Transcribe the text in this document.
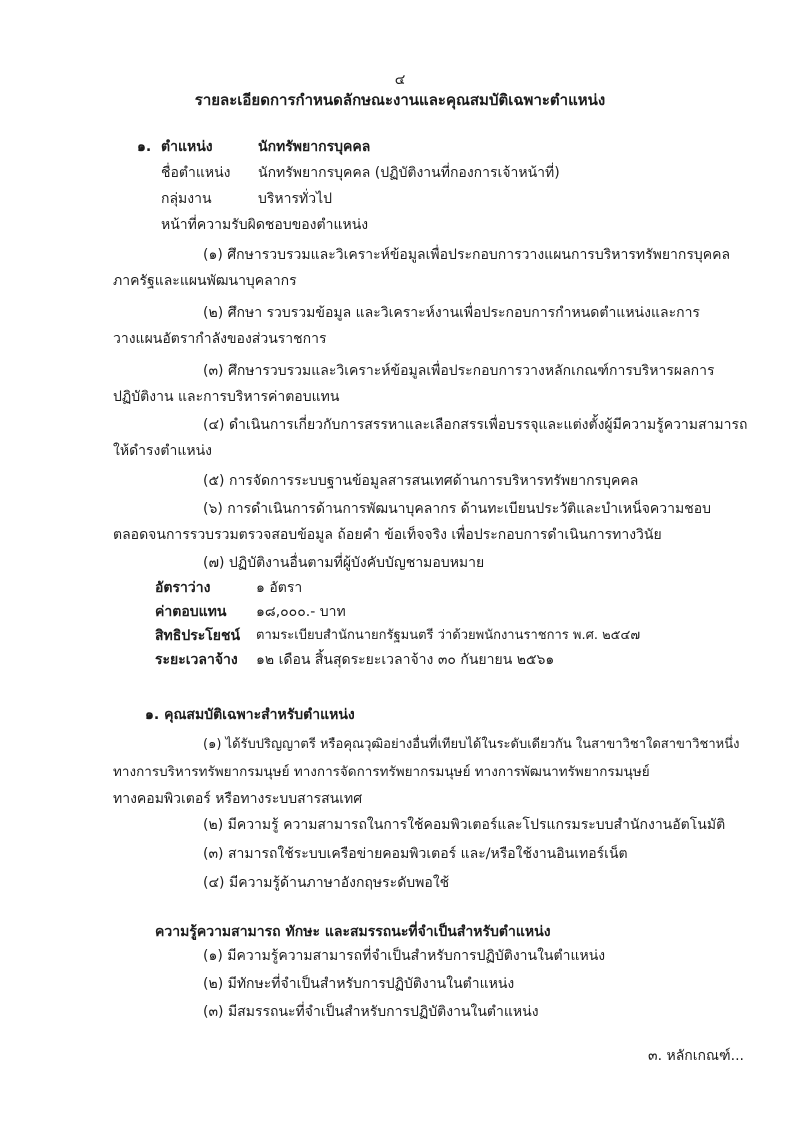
๔
รายละเอียดการกำหนดลักษณะงานและคุณสมบัติเฉพาะตำแหน่ง
๑. ตำแหน่ง	นักทรัพยากรบุคคล
ชื่อตำแหน่ง นักทรัพยากรบุคคล (ปฏิบัติงานที่กองการเจ้าหน้าที่)
กลุ่มงาน	บริหารทั่วไป
หน้าที่ความรับผิดชอบของตำแหน่ง
(๑) ศึกษารวบรวมและวิเคราะห์ข้อมูลเพื่อประกอบการวางแผนการบริหารทรัพยากรบุคคล
ภาครัฐและแผนพัฒนาบุคลากร
(๒) ศึกษา รวบรวมข้อมูล และวิเคราะห์งานเพื่อประกอบการกำหนดตำแหน่งและการ
วางแผนอัตรากำลังของส่วนราชการ
(๓) ศึกษารวบรวมและวิเคราะห์ข้อมูลเพื่อประกอบการวางหลักเกณฑ์การบริหารผลการ
ปฏิบัติงาน และการบริหารค่าตอบแทน
(๔) ดำเนินการเกี่ยวกับการสรรหาและเลือกสรรเพื่อบรรจุและแต่งตั้งผู้มีความรู้ความสามารถ
ให้ดำรงตำแหน่ง
(๕) การจัดการระบบฐานข้อมูลสารสนเทศด้านการบริหารทรัพยากรบุคคล
(๖) การดำเนินการด้านการพัฒนาบุคลากร ด้านทะเบียนประวัติและบำเหน็จความชอบ
ตลอดจนการรวบรวมตรวจสอบข้อมูล ถ้อยคำ ข้อเท็จจริง เพื่อประกอบการดำเนินการทางวินัย
(๗) ปฏิบัติงานอื่นตามที่ผู้บังคับบัญชามอบหมาย
อัตราว่าง	๑ อัตรา
ค่าตอบแทน ๑๘,๐๐๐.- บาท
สิทธิประโยชน์ ตามระเบียบสำนักนายกรัฐมนตรี ว่าด้วยพนักงานราชการ พ.ศ. ๒๕๔๗
ระยะเวลาจ้าง ๑๒ เดือน สิ้นสุดระยะเวลาจ้าง ๓๐ กันยายน ๒๕๖๑
๑. คุณสมบัติเฉพาะสำหรับตำแหน่ง
(๑) ได้รับปริญญาตรี หรือคุณวุฒิอย่างอื่นที่เทียบได้ในระดับเดียวกัน ในสาขาวิชาใดสาขาวิชาหนึ่ง
ทางการบริหารทรัพยากรมนุษย์ ทางการจัดการทรัพยากรมนุษย์ ทางการพัฒนาทรัพยากรมนุษย์
ทางคอมพิวเตอร์ หรือทางระบบสารสนเทศ
(๒) มีความรู้ ความสามารถในการใช้คอมพิวเตอร์และโปรแกรมระบบสำนักงานอัตโนมัติ
(๓) สามารถใช้ระบบเครือข่ายคอมพิวเตอร์ และ/หรือใช้งานอินเทอร์เน็ต
(๔) มีความรู้ด้านภาษาอังกฤษระดับพอใช้
ความรู้ความสามารถ ทักษะ และสมรรถนะที่จำเป็นสำหรับตำแหน่ง
(๑) มีความรู้ความสามารถที่จำเป็นสำหรับการปฏิบัติงานในตำแหน่ง
(๒) มีทักษะที่จำเป็นสำหรับการปฏิบัติงานในตำแหน่ง
(๓) มีสมรรถนะที่จำเป็นสำหรับการปฏิบัติงานในตำแหน่ง
๓. หลักเกณฑ์...
